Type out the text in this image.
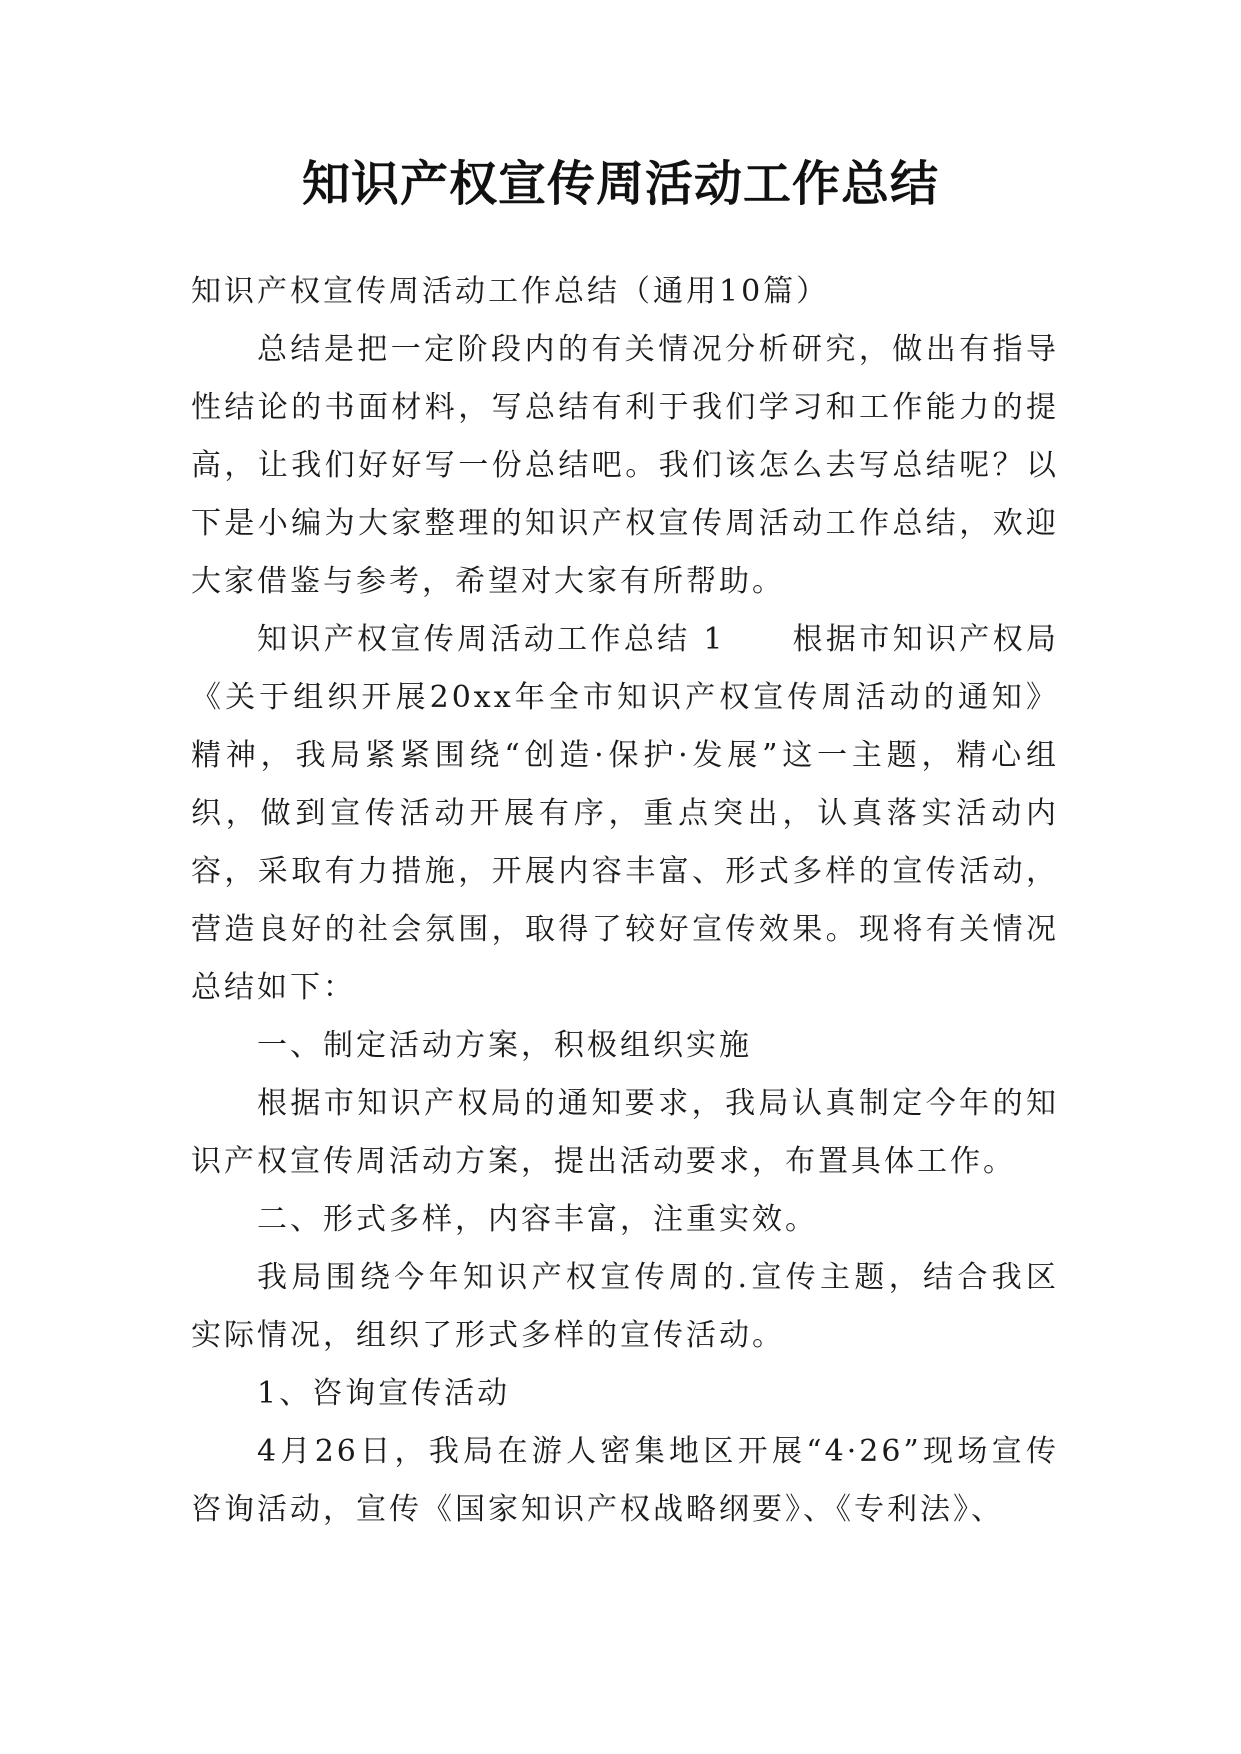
知识产权宣传周活动工作总结

知识产权宣传周活动工作总结（通用10篇）

总结是把一定阶段内的有关情况分析研究，做出有指导性结论的书面材料，写总结有利于我们学习和工作能力的提高，让我们好好写一份总结吧。我们该怎么去写总结呢？以下是小编为大家整理的知识产权宣传周活动工作总结，欢迎大家借鉴与参考，希望对大家有所帮助。

知识产权宣传周活动工作总结 1　　根据市知识产权局《关于组织开展20xx年全市知识产权宣传周活动的通知》精神，我局紧紧围绕“创造·保护·发展”这一主题，精心组织，做到宣传活动开展有序，重点突出，认真落实活动内容，采取有力措施，开展内容丰富、形式多样的宣传活动，营造良好的社会氛围，取得了较好宣传效果。现将有关情况总结如下：

一、制定活动方案，积极组织实施

根据市知识产权局的通知要求，我局认真制定今年的知识产权宣传周活动方案，提出活动要求，布置具体工作。

二、形式多样，内容丰富，注重实效。

我局围绕今年知识产权宣传周的.宣传主题，结合我区实际情况，组织了形式多样的宣传活动。

1、咨询宣传活动

4月26日，我局在游人密集地区开展“4·26”现场宣传咨询活动，宣传《国家知识产权战略纲要》、《专利法》、
